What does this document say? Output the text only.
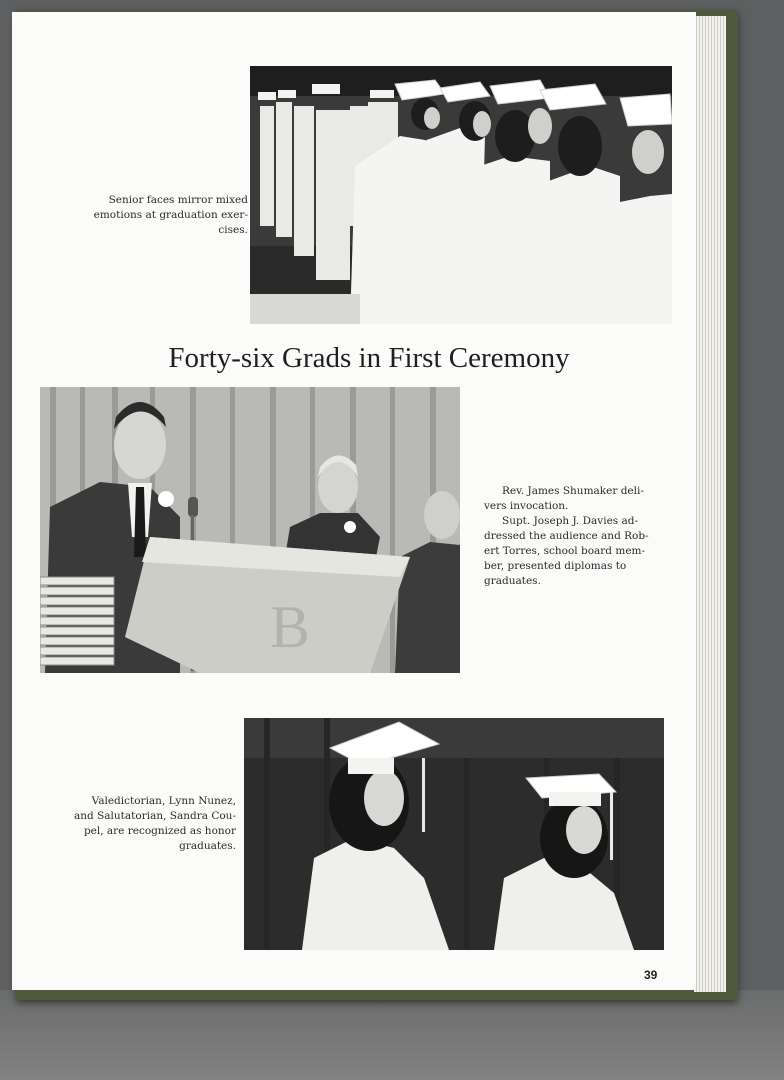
Senior faces mirror mixed
emotions at graduation exer-
cises.

Forty-six Grads in First Ceremony
B

Rev. James Shumaker deli-vers invocation.

Supt. Joseph J. Davies ad-dressed the audience and Rob-ert Torres, school board mem-ber, presented diplomas to graduates.

Valedictorian, Lynn Nunez,
and Salutatorian, Sandra Cou-
pel, are recognized as honor
graduates.

39
